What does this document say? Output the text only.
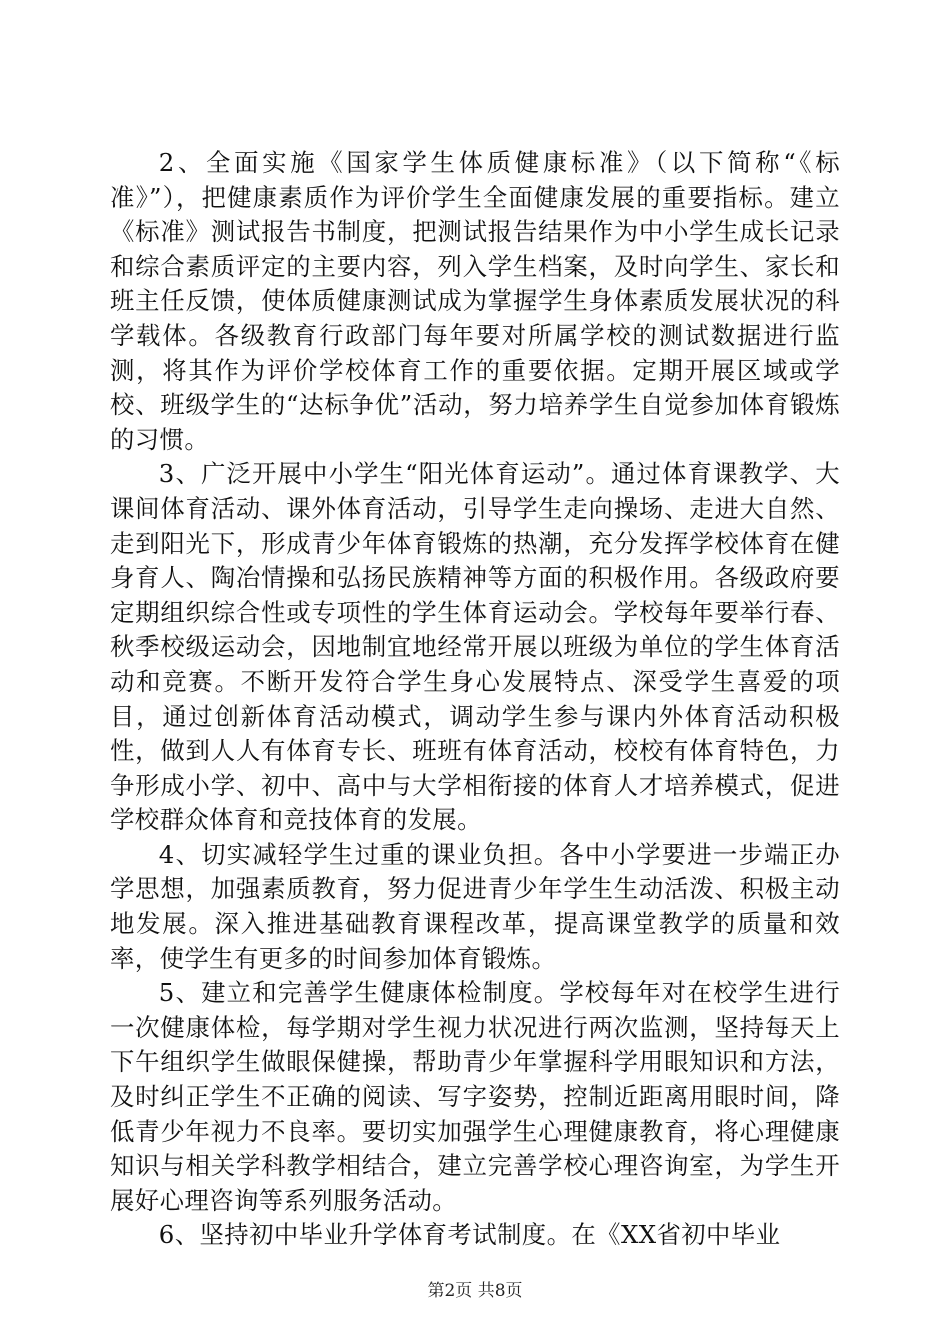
2、全面实施《国家学生体质健康标准》（以下简称“《标准》”），把健康素质作为评价学生全面健康发展的重要指标。建立《标准》测试报告书制度，把测试报告结果作为中小学生成长记录和综合素质评定的主要内容，列入学生档案，及时向学生、家长和班主任反馈，使体质健康测试成为掌握学生身体素质发展状况的科学载体。各级教育行政部门每年要对所属学校的测试数据进行监测，将其作为评价学校体育工作的重要依据。定期开展区域或学校、班级学生的“达标争优”活动，努力培养学生自觉参加体育锻炼的习惯。

3、广泛开展中小学生“阳光体育运动”。通过体育课教学、大课间体育活动、课外体育活动，引导学生走向操场、走进大自然、走到阳光下，形成青少年体育锻炼的热潮，充分发挥学校体育在健身育人、陶冶情操和弘扬民族精神等方面的积极作用。各级政府要定期组织综合性或专项性的学生体育运动会。学校每年要举行春、秋季校级运动会，因地制宜地经常开展以班级为单位的学生体育活动和竞赛。不断开发符合学生身心发展特点、深受学生喜爱的项目，通过创新体育活动模式，调动学生参与课内外体育活动积极性，做到人人有体育专长、班班有体育活动，校校有体育特色，力争形成小学、初中、高中与大学相衔接的体育人才培养模式，促进学校群众体育和竞技体育的发展。

4、切实减轻学生过重的课业负担。各中小学要进一步端正办学思想，加强素质教育，努力促进青少年学生生动活泼、积极主动地发展。深入推进基础教育课程改革，提高课堂教学的质量和效率，使学生有更多的时间参加体育锻炼。

5、建立和完善学生健康体检制度。学校每年对在校学生进行一次健康体检，每学期对学生视力状况进行两次监测，坚持每天上下午组织学生做眼保健操，帮助青少年掌握科学用眼知识和方法，及时纠正学生不正确的阅读、写字姿势，控制近距离用眼时间，降低青少年视力不良率。要切实加强学生心理健康教育，将心理健康知识与相关学科教学相结合，建立完善学校心理咨询室，为学生开展好心理咨询等系列服务活动。

6、坚持初中毕业升学体育考试制度。在《XX省初中毕业

第2页 共8页
